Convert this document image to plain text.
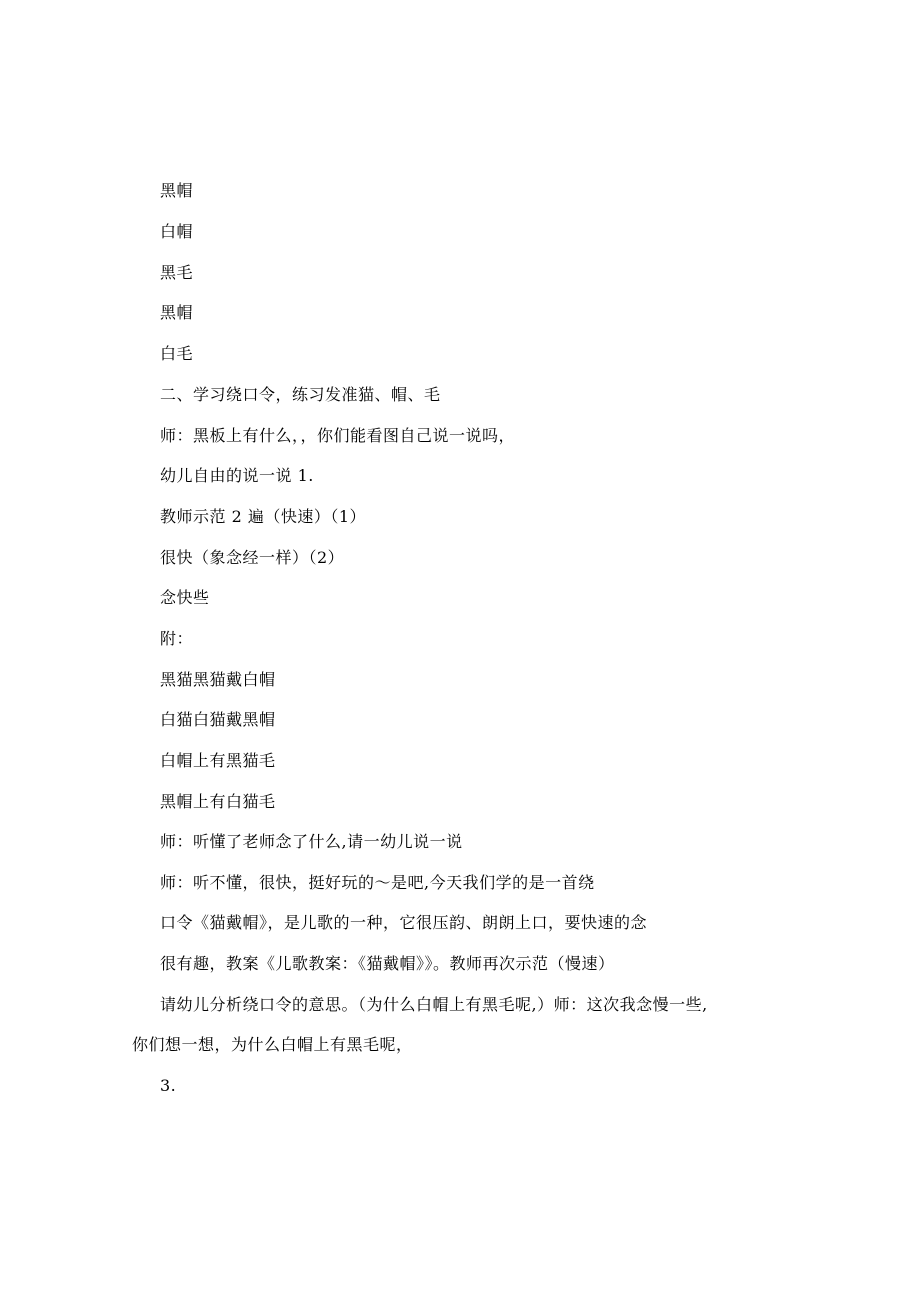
黑帽
白帽
黑毛
黑帽
白毛
二、学习绕口令，练习发准猫、帽、毛
师：黑板上有什么，，你们能看图自己说一说吗，
幼儿自由的说一说 1.
教师示范 2 遍（快速）（1）
很快（象念经一样）（2）
念快些
附：
黑猫黑猫戴白帽
白猫白猫戴黑帽
白帽上有黑猫毛
黑帽上有白猫毛
师：听懂了老师念了什么,请一幼儿说一说
师：听不懂，很快，挺好玩的～是吧,今天我们学的是一首绕
口令《猫戴帽》，是儿歌的一种，它很压韵、朗朗上口，要快速的念
很有趣，教案《儿歌教案：《猫戴帽》》。教师再次示范（慢速）
请幼儿分析绕口令的意思。（为什么白帽上有黑毛呢,）师：这次我念慢一些,
你们想一想，为什么白帽上有黑毛呢，
3.
